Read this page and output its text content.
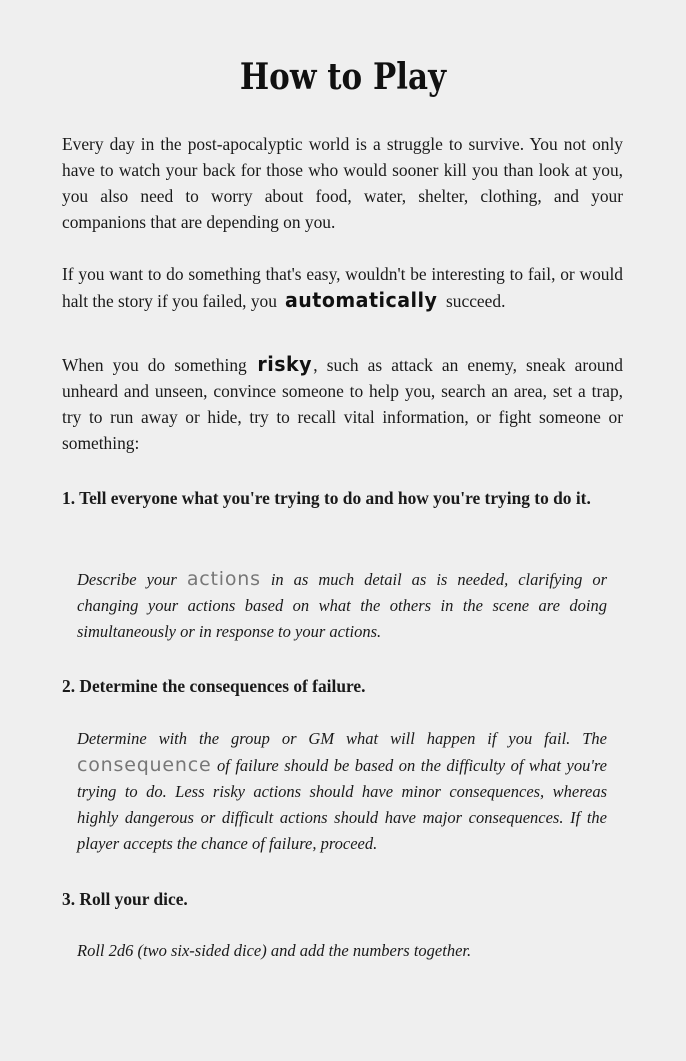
How to Play

Every day in the post-apocalyptic world is a struggle to survive. You not only have to watch your back for those who would sooner kill you than look at you, you also need to worry about food, water, shelter, clothing, and your companions that are depending on you.

If you want to do something that's easy, wouldn't be interesting to fail, or would halt the story if you failed, you automatically succeed.

When you do something risky, such as attack an enemy, sneak around unheard and unseen, convince someone to help you, search an area, set a trap, try to run away or hide, try to recall vital information, or fight someone or something:

1. Tell everyone what you're trying to do and how you're trying to do it.

Describe your actions in as much detail as is needed, clarifying or changing your actions based on what the others in the scene are doing simultaneously or in response to your actions.

2. Determine the consequences of failure.

Determine with the group or GM what will happen if you fail. The consequence of failure should be based on the difficulty of what you're trying to do. Less risky actions should have minor consequences, whereas highly dangerous or difficult actions should have major consequences. If the player accepts the chance of failure, proceed.

3. Roll your dice.

Roll 2d6 (two six-sided dice) and add the numbers together.
